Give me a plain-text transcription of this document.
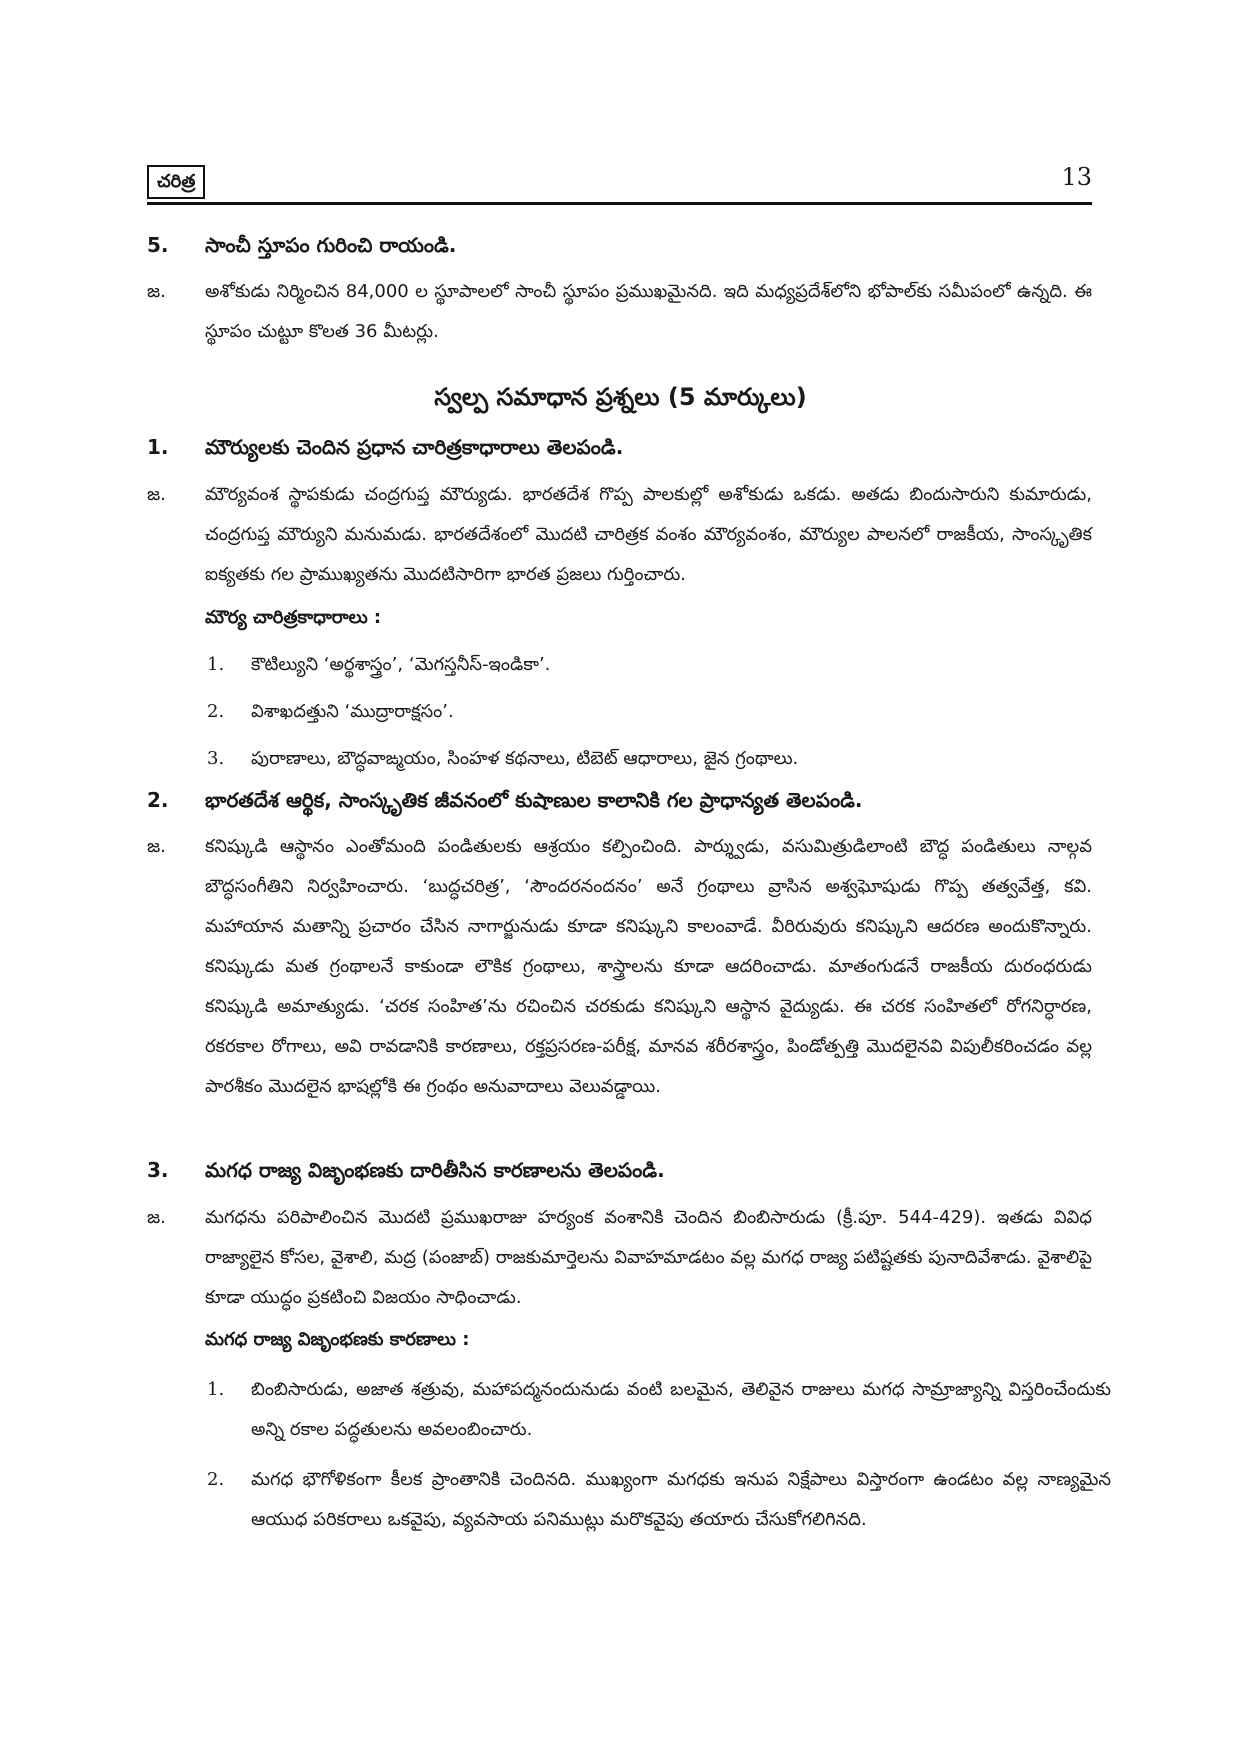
చరిత్ర	13
5. సాంచీ స్తూపం గురించి రాయండి.
జ. అశోకుడు నిర్మించిన 84,000 ల స్థూపాలలో సాంచీ స్థూపం ప్రముఖమైనది. ఇది మధ్యప్రదేశ్‌లోని భోపాల్‌కు సమీపంలో ఉన్నది. ఈ స్థూపం చుట్టూ కొలత 36 మీటర్లు.
స్వల్ప సమాధాన ప్రశ్నలు (5 మార్కులు)
1. మౌర్యులకు చెందిన ప్రధాన చారిత్రకాధారాలు తెలపండి.
జ. మౌర్యవంశ స్థాపకుడు చంద్రగుప్త మౌర్యుడు. భారతదేశ గొప్ప పాలకుల్లో అశోకుడు ఒకడు. అతడు బిందుసారుని కుమారుడు, చంద్రగుప్త మౌర్యుని మనుమడు. భారతదేశంలో మొదటి చారిత్రక వంశం మౌర్యవంశం, మౌర్యుల పాలనలో రాజకీయ, సాంస్కృతిక ఐక్యతకు గల ప్రాముఖ్యతను మొదటిసారిగా భారత ప్రజలు గుర్తించారు.
మౌర్య చారిత్రకాధారాలు :
1. కౌటిల్యుని ‘అర్థశాస్త్రం’, ‘మెగస్తనీస్-ఇండికా’.
2. విశాఖదత్తుని ‘ముద్రారాక్షసం’.
3. పురాణాలు, బౌద్ధవాఙ్మయం, సింహళ కథనాలు, టిబెట్ ఆధారాలు, జైన గ్రంథాలు.
2. భారతదేశ ఆర్థిక, సాంస్కృతిక జీవనంలో కుషాణుల కాలానికి గల ప్రాధాన్యత తెలపండి.
జ. కనిష్కుడి ఆస్థానం ఎంతోమంది పండితులకు ఆశ్రయం కల్పించింది. పార్శ్వుడు, వసుమిత్రుడిలాంటి బౌద్ధ పండితులు నాల్గవ బౌద్ధసంగీతిని నిర్వహించారు. ‘బుద్ధచరిత్ర’, ‘సౌందరనందనం’ అనే గ్రంథాలు వ్రాసిన అశ్వఘోషుడు గొప్ప తత్వవేత్త, కవి. మహాయాన మతాన్ని ప్రచారం చేసిన నాగార్జునుడు కూడా కనిష్కుని కాలంవాడే. వీరిరువురు కనిష్కుని ఆదరణ అందుకొన్నారు. కనిష్కుడు మత గ్రంథాలనే కాకుండా లౌకిక గ్రంథాలు, శాస్త్రాలను కూడా ఆదరించాడు. మాతంగుడనే రాజకీయ దురంధరుడు కనిష్కుడి అమాత్యుడు. ‘చరక సంహిత’ను రచించిన చరకుడు కనిష్కుని ఆస్థాన వైద్యుడు. ఈ చరక సంహితలో రోగనిర్ధారణ, రకరకాల రోగాలు, అవి రావడానికి కారణాలు, రక్తప్రసరణ-పరీక్ష, మానవ శరీరశాస్త్రం, పిండోత్పత్తి మొదలైనవి విపులీకరించడం వల్ల పారశీకం మొదలైన భాషల్లోకి ఈ గ్రంథం అనువాదాలు వెలువడ్డాయి.
3. మగధ రాజ్య విజృంభణకు దారితీసిన కారణాలను తెలపండి.
జ. మగధను పరిపాలించిన మొదటి ప్రముఖరాజు హర్యంక వంశానికి చెందిన బింబిసారుడు (క్రీ.పూ. 544-429). ఇతడు వివిధ రాజ్యాలైన కోసల, వైశాలి, మద్ర (పంజాబ్) రాజకుమార్తెలను వివాహమాడటం వల్ల మగధ రాజ్య పటిష్టతకు పునాదివేశాడు. వైశాలిపై కూడా యుద్ధం ప్రకటించి విజయం సాధించాడు.
మగధ రాజ్య విజృంభణకు కారణాలు :
1. బింబిసారుడు, అజాత శత్రువు, మహాపద్మనందునుడు వంటి బలమైన, తెలివైన రాజులు మగధ సామ్రాజ్యాన్ని విస్తరించేందుకు అన్ని రకాల పద్ధతులను అవలంబించారు.
2. మగధ భౌగోళికంగా కీలక ప్రాంతానికి చెందినది. ముఖ్యంగా మగధకు ఇనుప నిక్షేపాలు విస్తారంగా ఉండటం వల్ల నాణ్యమైన ఆయుధ పరికరాలు ఒకవైపు, వ్యవసాయ పనిముట్లు మరొకవైపు తయారు చేసుకోగలిగినది.
